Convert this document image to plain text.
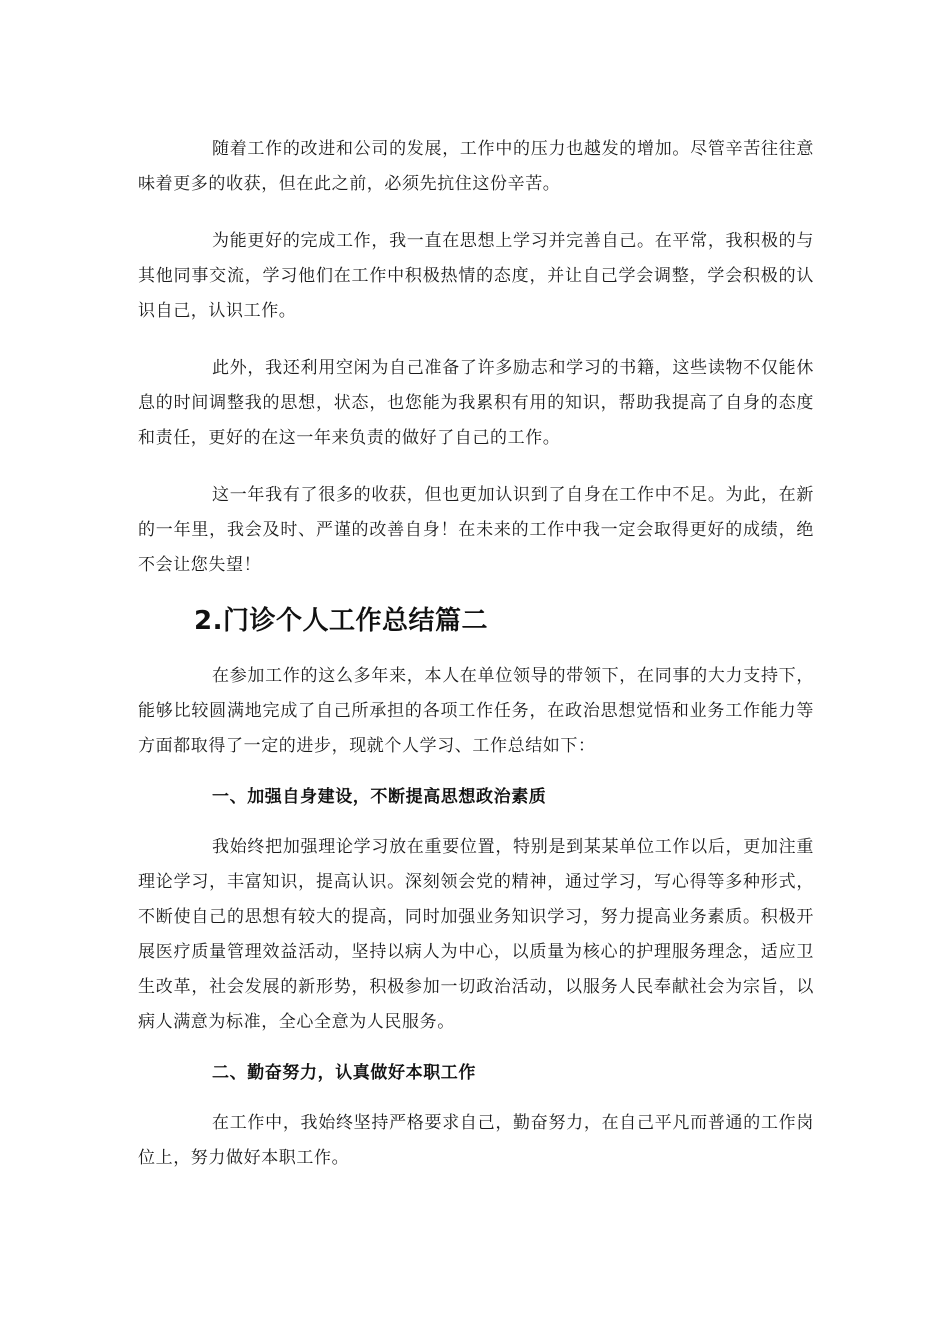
随着工作的改进和公司的发展，工作中的压力也越发的增加。尽管辛苦往往意味着更多的收获，但在此之前，必须先抗住这份辛苦。

为能更好的完成工作，我一直在思想上学习并完善自己。在平常，我积极的与其他同事交流，学习他们在工作中积极热情的态度，并让自己学会调整，学会积极的认识自己，认识工作。

此外，我还利用空闲为自己准备了许多励志和学习的书籍，这些读物不仅能休息的时间调整我的思想，状态，也您能为我累积有用的知识，帮助我提高了自身的态度和责任，更好的在这一年来负责的做好了自己的工作。

这一年我有了很多的收获，但也更加认识到了自身在工作中不足。为此，在新的一年里，我会及时、严谨的改善自身！在未来的工作中我一定会取得更好的成绩，绝不会让您失望！

2.门诊个人工作总结篇二

在参加工作的这么多年来，本人在单位领导的带领下，在同事的大力支持下，能够比较圆满地完成了自己所承担的各项工作任务，在政治思想觉悟和业务工作能力等方面都取得了一定的进步，现就个人学习、工作总结如下：

一、加强自身建设，不断提高思想政治素质

我始终把加强理论学习放在重要位置，特别是到某某单位工作以后，更加注重理论学习，丰富知识，提高认识。深刻领会党的精神，通过学习，写心得等多种形式，不断使自己的思想有较大的提高，同时加强业务知识学习，努力提高业务素质。积极开展医疗质量管理效益活动，坚持以病人为中心，以质量为核心的护理服务理念，适应卫生改革，社会发展的新形势，积极参加一切政治活动，以服务人民奉献社会为宗旨，以病人满意为标准，全心全意为人民服务。

二、勤奋努力，认真做好本职工作

在工作中，我始终坚持严格要求自己，勤奋努力，在自己平凡而普通的工作岗位上，努力做好本职工作。
